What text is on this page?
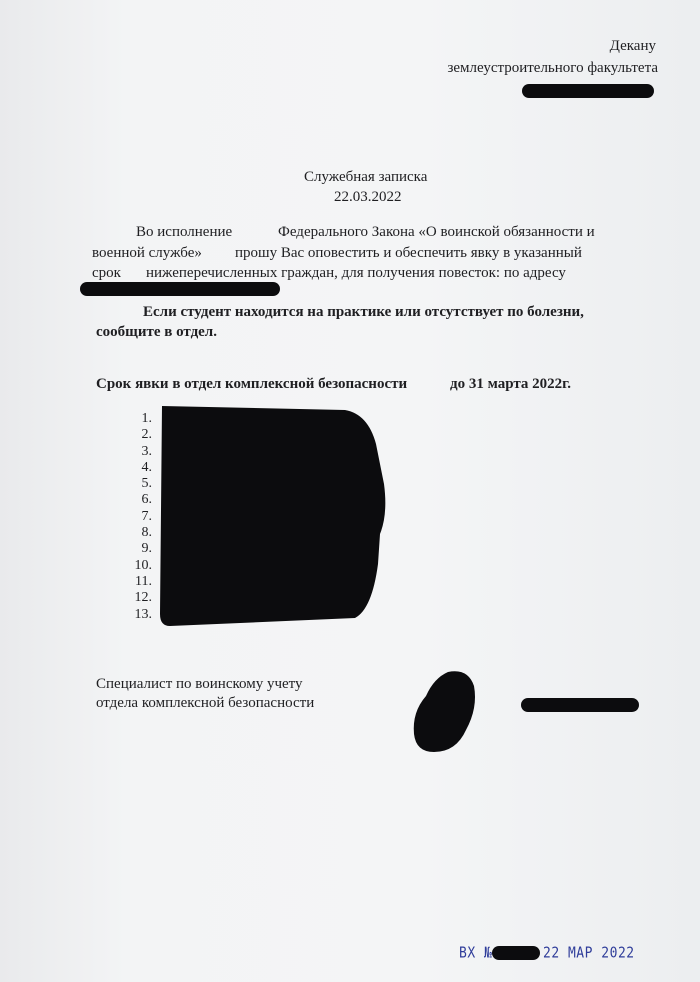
Декану
землеустроительного факультета
Служебная записка
22.03.2022
Во исполнение	Федерального Закона «О воинской обязанности и
военной службе» прошу Вас оповестить и обеспечить явку в указанный
срок нижеперечисленных граждан, для получения повесток: по адресу
Если студент находится на практике или отсутствует по болезни,
сообщите в отдел.
Срок явки в отдел комплексной безопасности	до 31 марта 2022г.
1.
2.
3.
4.
5.
6.
7.
8.
9.
10.
11.
12.
13.
Специалист по воинскому учету
отдела комплексной безопасности
ВХ №	22 МАР 2022
